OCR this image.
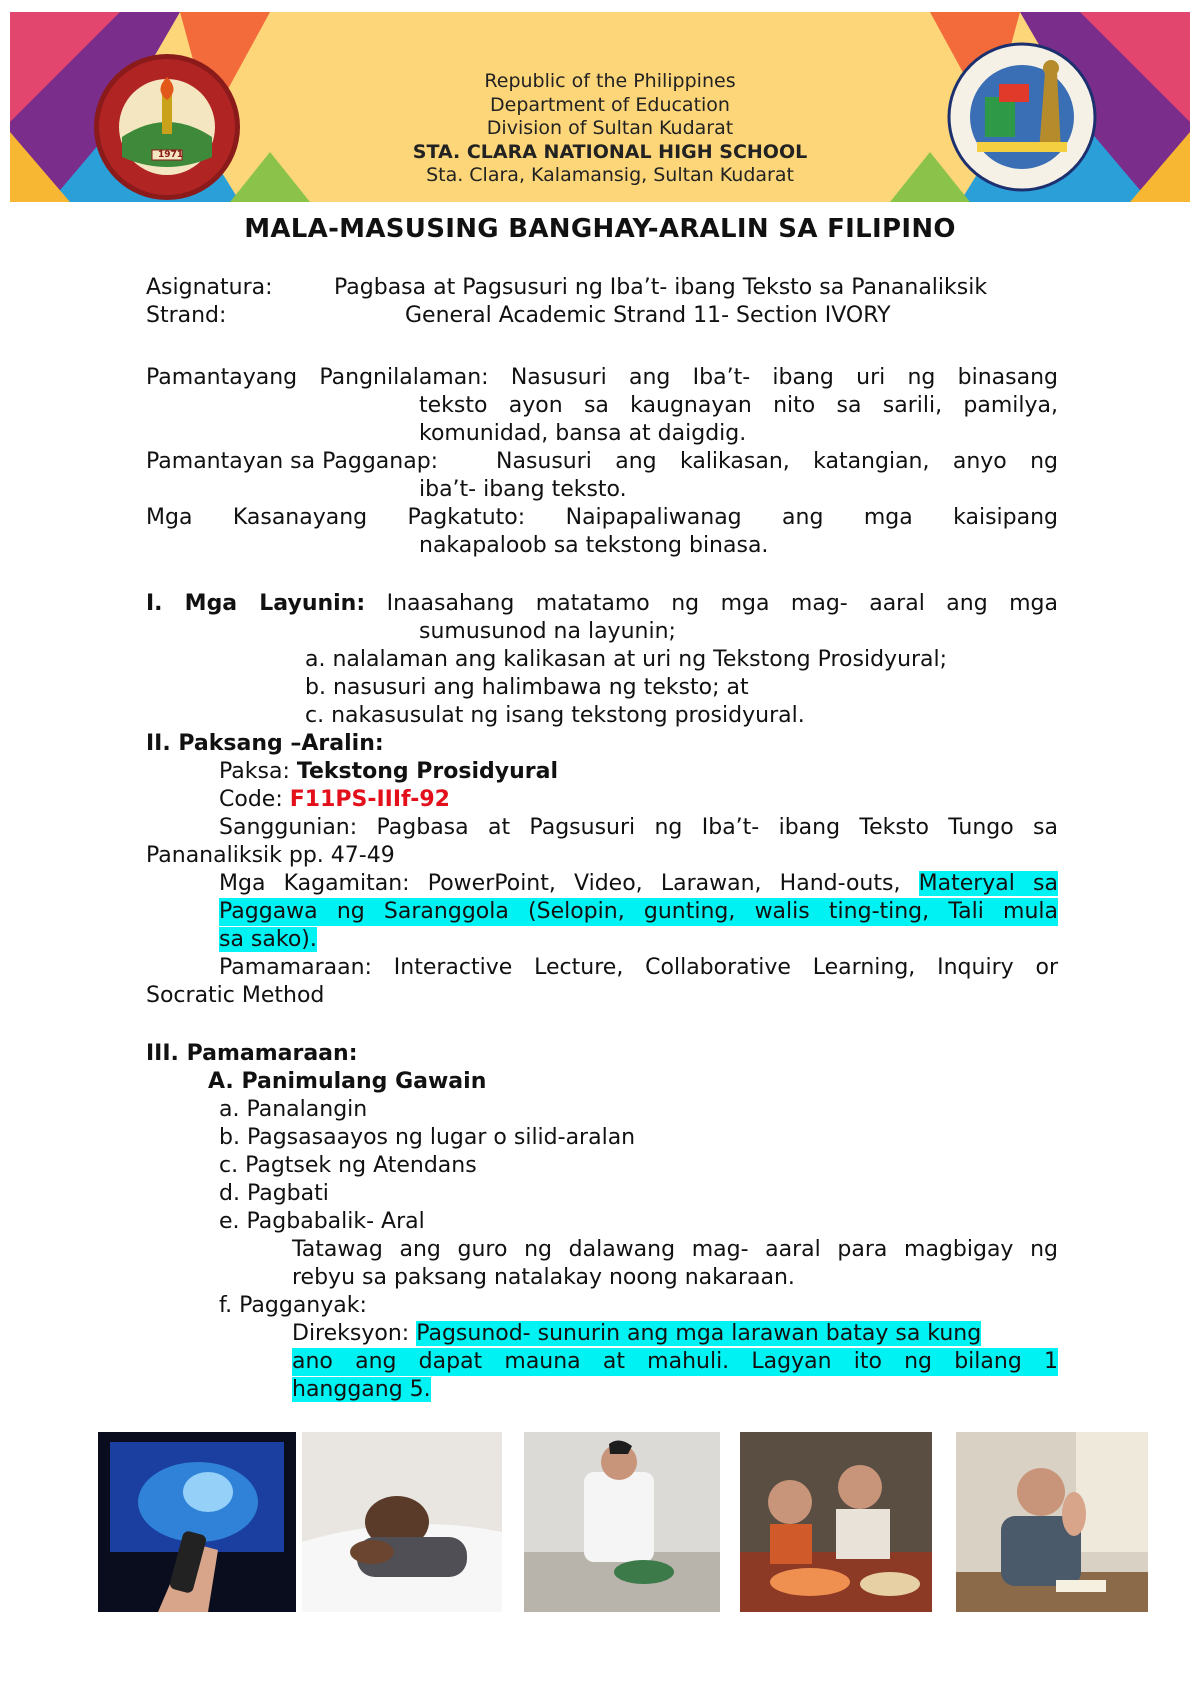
1971
Republic of the Philippines
Department of Education
Division of Sultan Kudarat
STA. CLARA NATIONAL HIGH SCHOOL
Sta. Clara, Kalamansig, Sultan Kudarat
MALA-MASUSING BANGHAY-ARALIN SA FILIPINO
Asignatura:	Pagbasa at Pagsusuri ng Iba’t- ibang Teksto sa Pananaliksik
Strand:	General Academic Strand 11- Section IVORY
Pamantayang Pangnilalaman: Nasusuri ang Iba’t- ibang uri ng binasang
teksto ayon sa kaugnayan nito sa sarili, pamilya,
komunidad, bansa at daigdig.
Pamantayan sa Pagganap:	Nasusuri ang kalikasan, katangian, anyo ng
iba’t- ibang teksto.
Mga Kasanayang Pagkatuto: Naipapaliwanag ang mga kaisipang
nakapaloob sa tekstong binasa.
I. Mga Layunin: Inaasahang matatamo ng mga mag- aaral ang mga
sumusunod na layunin;
a. nalalaman ang kalikasan at uri ng Tekstong Prosidyural;
b. nasusuri ang halimbawa ng teksto; at
c. nakasusulat ng isang tekstong prosidyural.
II. Paksang –Aralin:
Paksa: Tekstong Prosidyural
Code: F11PS-IIIf-92
Sanggunian: Pagbasa at Pagsusuri ng Iba’t- ibang Teksto Tungo sa
Pananaliksik pp. 47-49
Mga Kagamitan: PowerPoint, Video, Larawan, Hand-outs, Materyal sa
Paggawa ng Saranggola (Selopin, gunting, walis ting-ting, Tali mula
sa sako).
Pamamaraan: Interactive Lecture, Collaborative Learning, Inquiry or
Socratic Method
III. Pamamaraan:
A. Panimulang Gawain
a. Panalangin
b. Pagsasaayos ng lugar o silid-aralan
c. Pagtsek ng Atendans
d. Pagbati
e. Pagbabalik- Aral
Tatawag ang guro ng dalawang mag- aaral para magbigay ng
rebyu sa paksang natalakay noong nakaraan.
f. Pagganyak:
Direksyon: Pagsunod- sunurin ang mga larawan batay sa kung
ano ang dapat mauna at mahuli. Lagyan ito ng bilang 1
hanggang 5.
